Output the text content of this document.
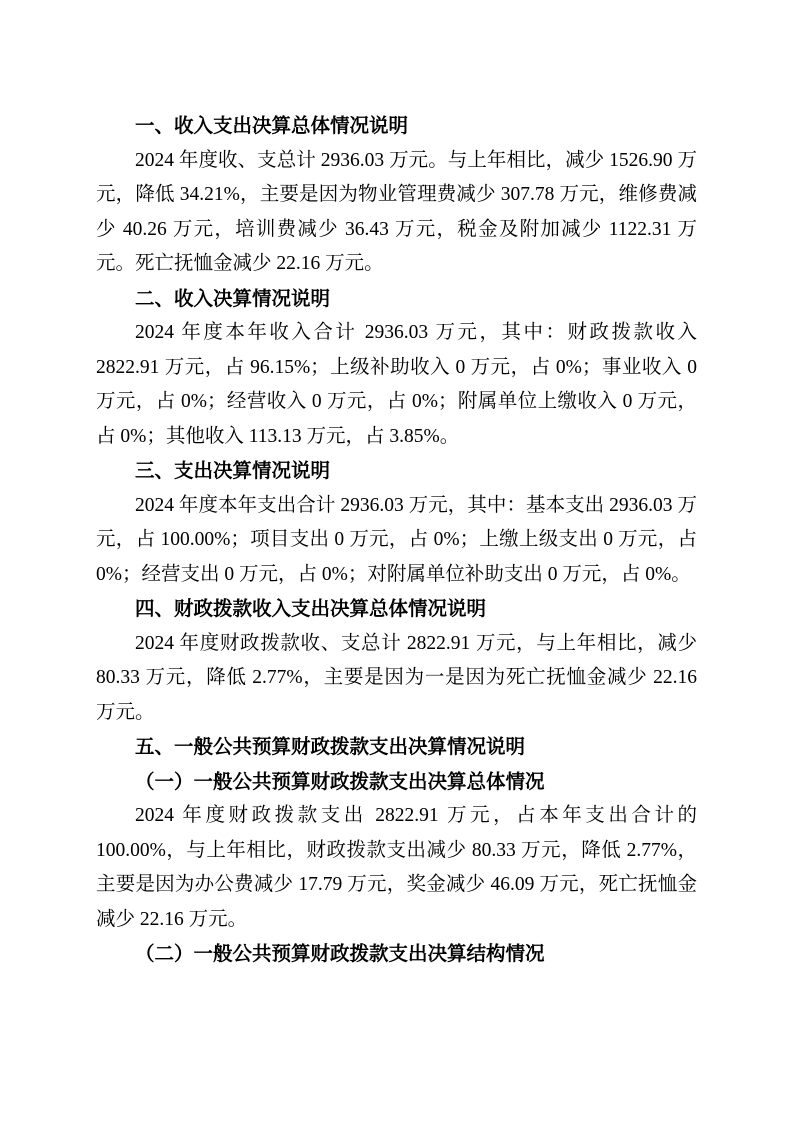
一、收入支出决算总体情况说明
2024 年度收、支总计 2936.03 万元。与上年相比，减少 1526.90 万元，降低 34.21%，主要是因为物业管理费减少 307.78 万元，维修费减少 40.26 万元，培训费减少 36.43 万元，税金及附加减少 1122.31 万元。死亡抚恤金减少 22.16 万元。
二、收入决算情况说明
2024 年度本年收入合计 2936.03 万元，其中：财政拨款收入 2822.91 万元，占 96.15%；上级补助收入 0 万元，占 0%；事业收入 0 万元，占 0%；经营收入 0 万元，占 0%；附属单位上缴收入 0 万元，占 0%；其他收入 113.13 万元，占 3.85%。
三、支出决算情况说明
2024 年度本年支出合计 2936.03 万元，其中：基本支出 2936.03 万元，占 100.00%；项目支出 0 万元，占 0%；上缴上级支出 0 万元，占 0%；经营支出 0 万元，占 0%；对附属单位补助支出 0 万元，占 0%。
四、财政拨款收入支出决算总体情况说明
2024 年度财政拨款收、支总计 2822.91 万元，与上年相比，减少 80.33 万元，降低 2.77%，主要是因为一是因为死亡抚恤金减少 22.16 万元。
五、一般公共预算财政拨款支出决算情况说明
（一）一般公共预算财政拨款支出决算总体情况
2024 年度财政拨款支出 2822.91 万元，占本年支出合计的 100.00%，与上年相比，财政拨款支出减少 80.33 万元，降低 2.77%，主要是因为办公费减少 17.79 万元，奖金减少 46.09 万元，死亡抚恤金减少 22.16 万元。
（二）一般公共预算财政拨款支出决算结构情况
